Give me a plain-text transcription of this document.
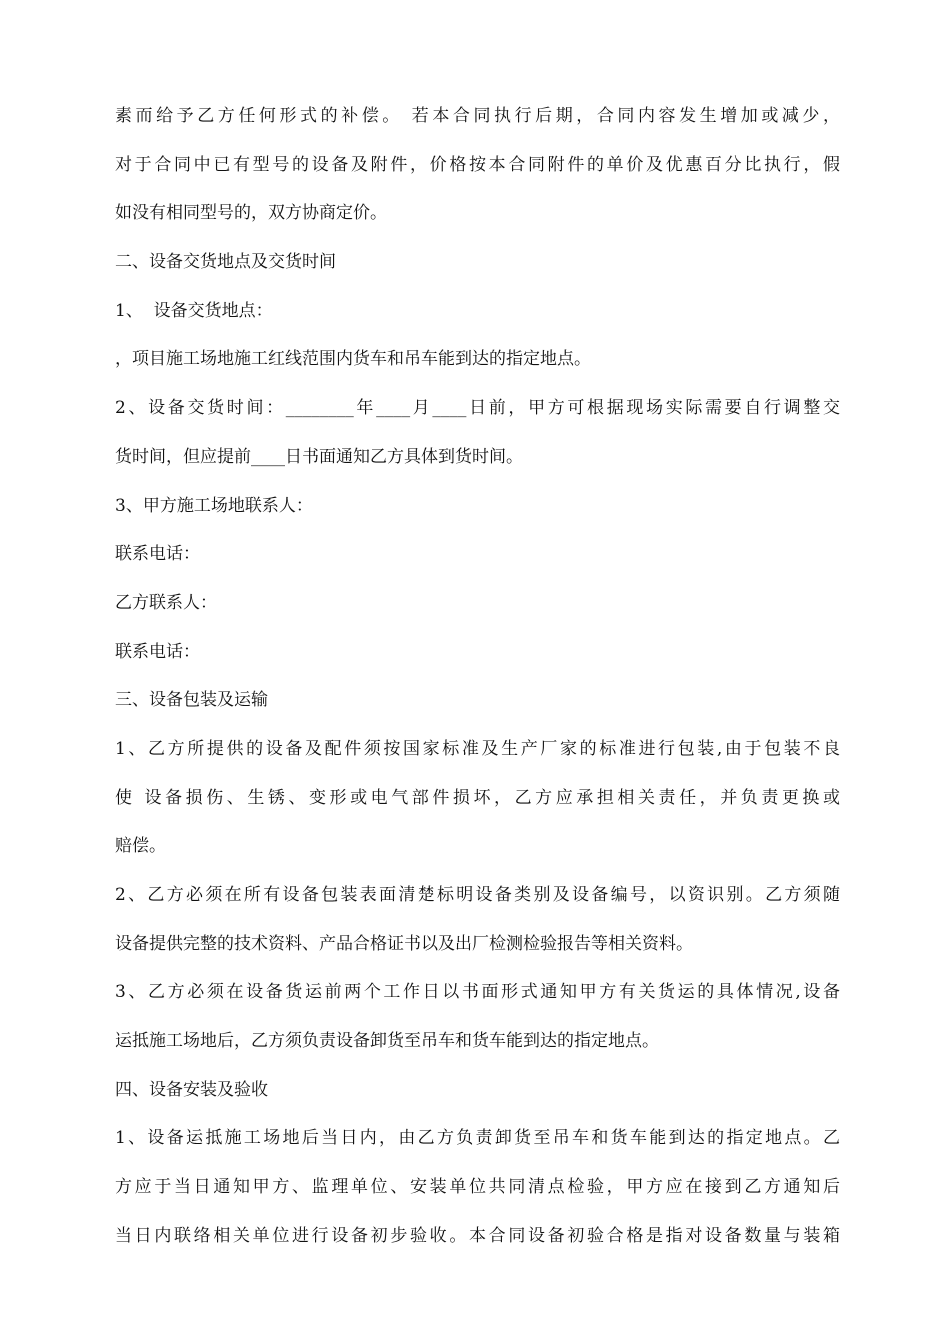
素而给予乙方任何形式的补偿。 若本合同执行后期，合同内容发生增加或减少，
对于合同中已有型号的设备及附件，价格按本合同附件的单价及优惠百分比执行，假
如没有相同型号的，双方协商定价。
二、设备交货地点及交货时间
1、  设备交货地点：
，项目施工场地施工红线范围内货车和吊车能到达的指定地点。
2、设备交货时间：________年____月____日前，甲方可根据现场实际需要自行调整交
货时间，但应提前____日书面通知乙方具体到货时间。
3、甲方施工场地联系人：
联系电话：
乙方联系人：
联系电话：
三、设备包装及运输
1、乙方所提供的设备及配件须按国家标准及生产厂家的标准进行包装,由于包装不良
使 设备损伤、生锈、变形或电气部件损坏，乙方应承担相关责任，并负责更换或
赔偿。
2、乙方必须在所有设备包装表面清楚标明设备类别及设备编号，以资识别。乙方须随
设备提供完整的技术资料、产品合格证书以及出厂检测检验报告等相关资料。
3、乙方必须在设备货运前两个工作日以书面形式通知甲方有关货运的具体情况,设备
运抵施工场地后，乙方须负责设备卸货至吊车和货车能到达的指定地点。
四、设备安装及验收
1、设备运抵施工场地后当日内，由乙方负责卸货至吊车和货车能到达的指定地点。乙
方应于当日通知甲方、监理单位、安装单位共同清点检验，甲方应在接到乙方通知后
当日内联络相关单位进行设备初步验收。本合同设备初验合格是指对设备数量与装箱
